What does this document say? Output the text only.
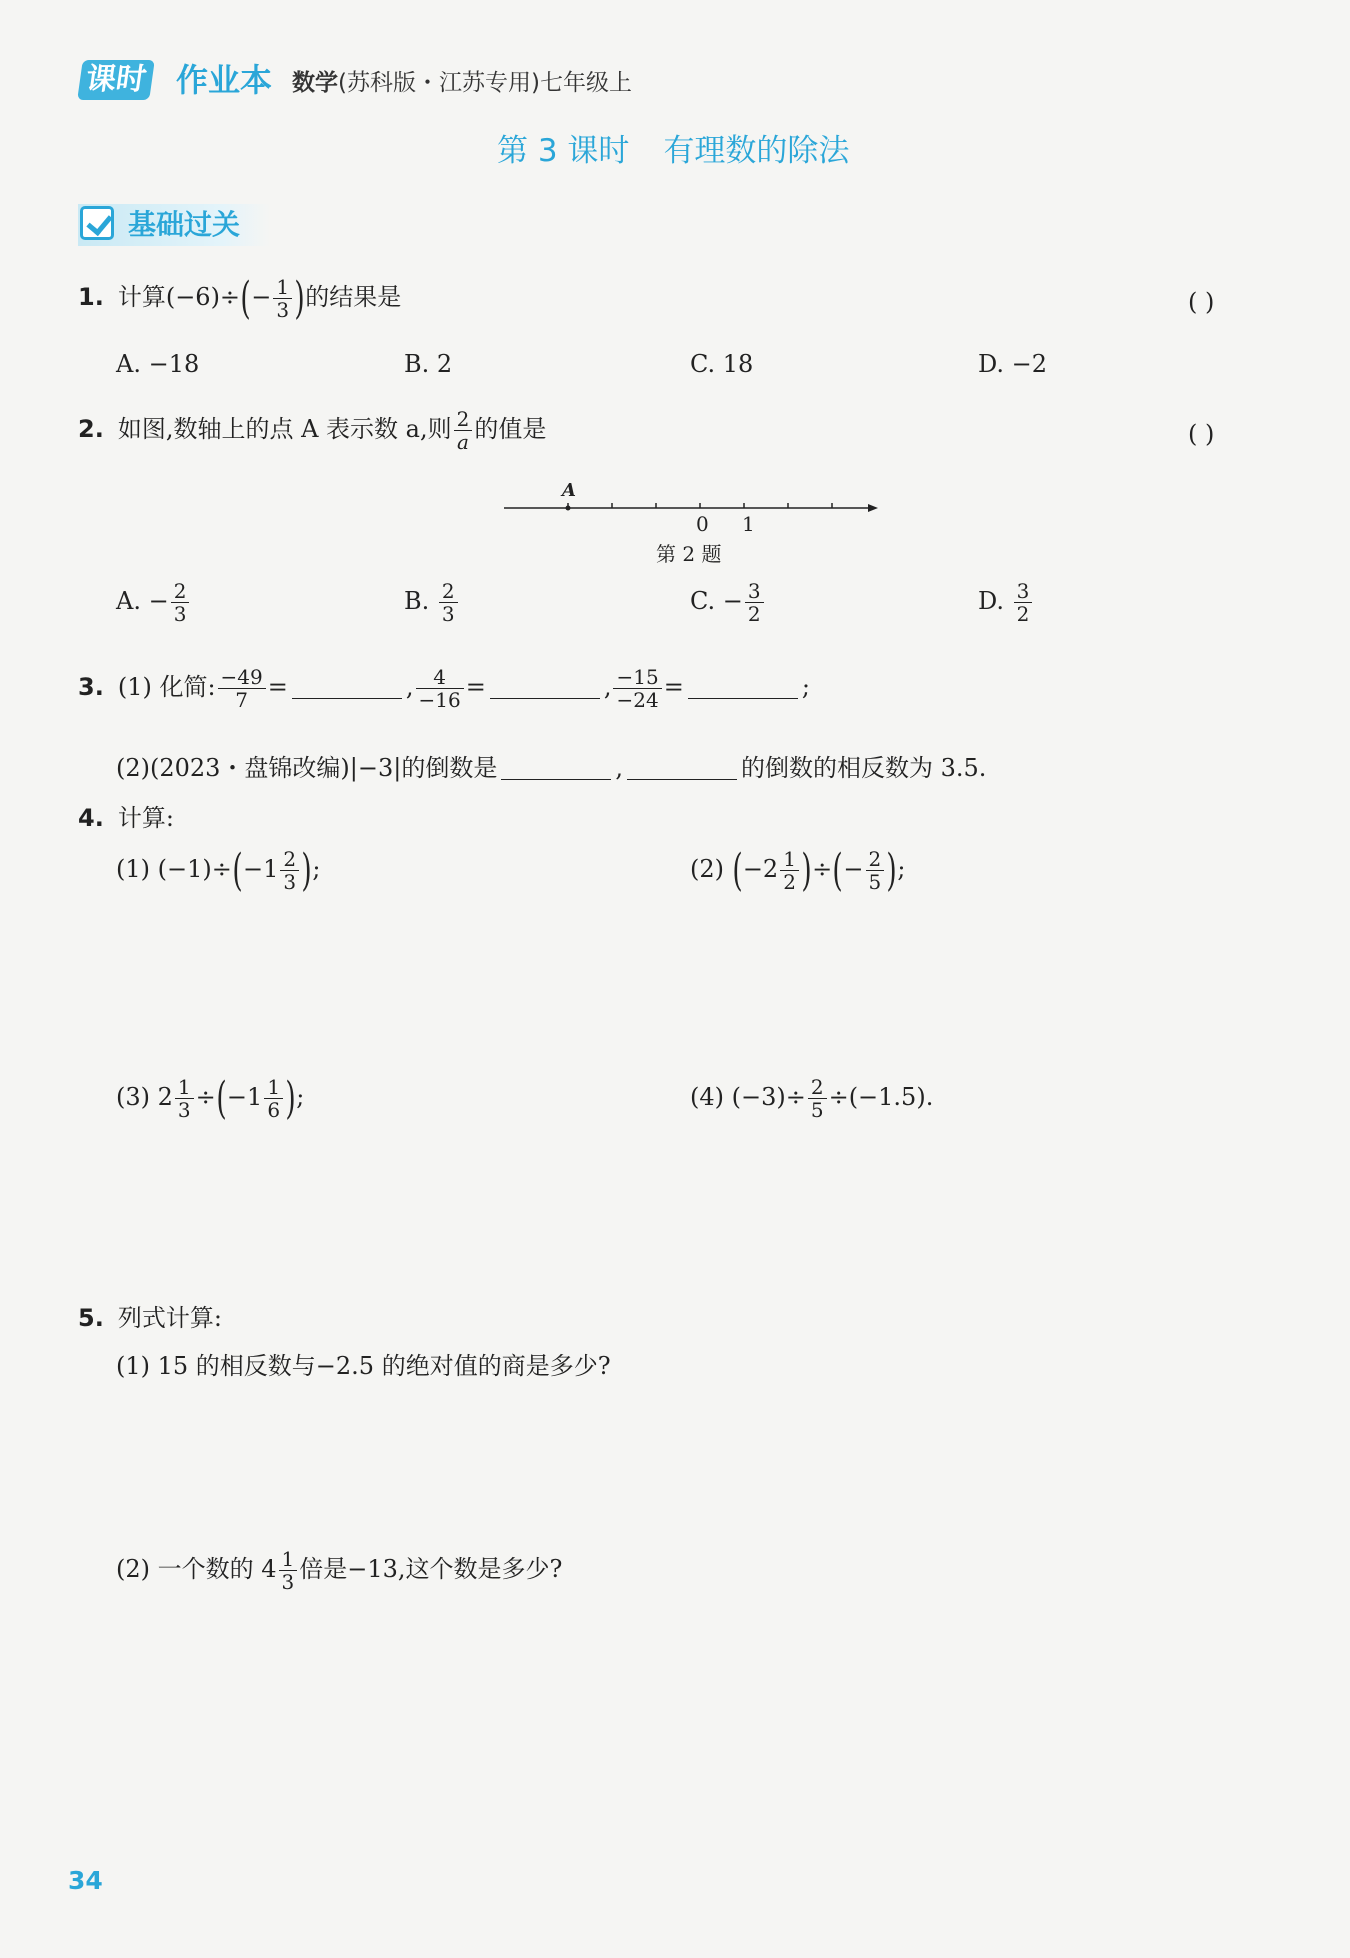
课时 作业本 数学(苏科版・江苏专用)七年级上
第 3 课时 有理数的除法
基础过关
1. 计算$(-6)\div(- \frac{1}{3}$ )的结果是	( )
A. −18	B. 2	C. 18	D. −2
2. 如图,数轴上的点 A 表示数 a,则 $\frac{2}{a}$ 的值是	( )
A
0 1
第 2 题
A. − $\frac{2}{3}$	B. $\frac{2}{3}$	C. − $\frac{3}{2}$	D. $\frac{3}{2}$
3. (1) 化简: $\frac{-49}{7}$ =	, $\frac{4}{-16}$ =	, $\frac{-15}{-24}$ =	;
(2)(2023・盘锦改编)|−3|的倒数是	,	的倒数的相反数为 3.5.
4. 计算:
(1) $(-1)\div(-1 \frac{2}{3}$ );	(2) ($-2 \frac{1}{2}$ )÷(− $\frac{2}{5}$ );
(3) $2 \frac{1}{3} \div(-1 \frac{1}{6}$ );	(4) $(-3)\div \frac{2}{5} \div(-1.5)$.
5. 列式计算:
(1) 15 的相反数与−2.5 的绝对值的商是多少?
(2) 一个数的 $4 \frac{1}{3}$ 倍是−13,这个数是多少?
34
